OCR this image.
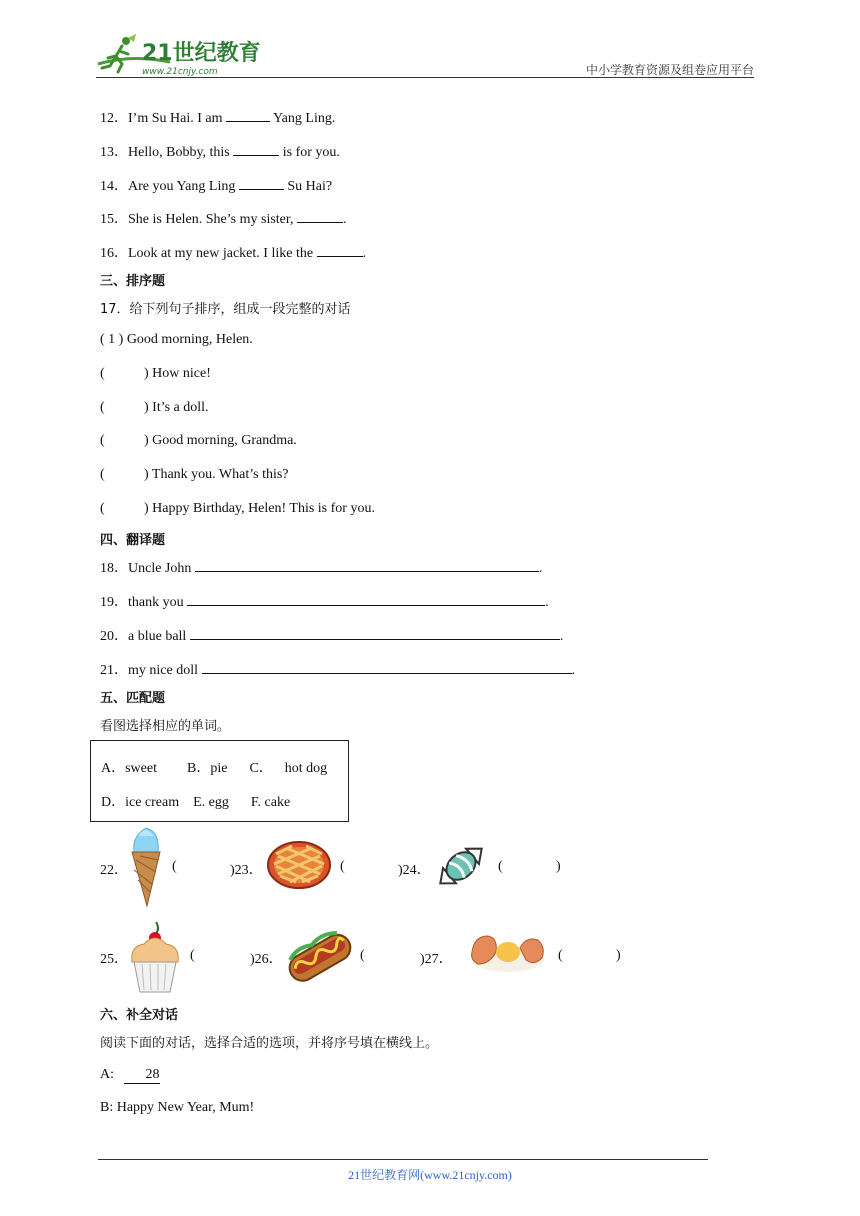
21世纪教育
www.21cnjy.com	中小学教育资源及组卷应用平台
12．I’m Su Hai. I am	Yang Ling.
13．Hello, Bobby, this	is for you.
14．Are you Yang Ling	Su Hai?
15．She is Helen. She’s my sister,	.
16．Look at my new jacket. I like the	.
三、排序题
17．给下列句子排序，组成一段完整的对话
( 1 ) Good morning, Helen.
(	) How nice!
(	) It’s a doll.
(	) Good morning, Grandma.
(	) Thank you. What’s this?
(	) Happy Birthday, Helen! This is for you.
四、翻译题
18．Uncle John	.
19．thank you	.
20．a blue ball	.
21．my nice doll	.
五、匹配题
看图选择相应的单词。
A．sweet B．pie C． hot dog
D．ice cream E. egg F. cake
22．	(	)23．	(	)24．	(	)
25．	(	)26．	(	)27．	(	)
六、补全对话
阅读下面的对话，选择合适的选项，并将序号填在横线上。
A: 28
B: Happy New Year, Mum!
21世纪教育网(www.21cnjy.com)
